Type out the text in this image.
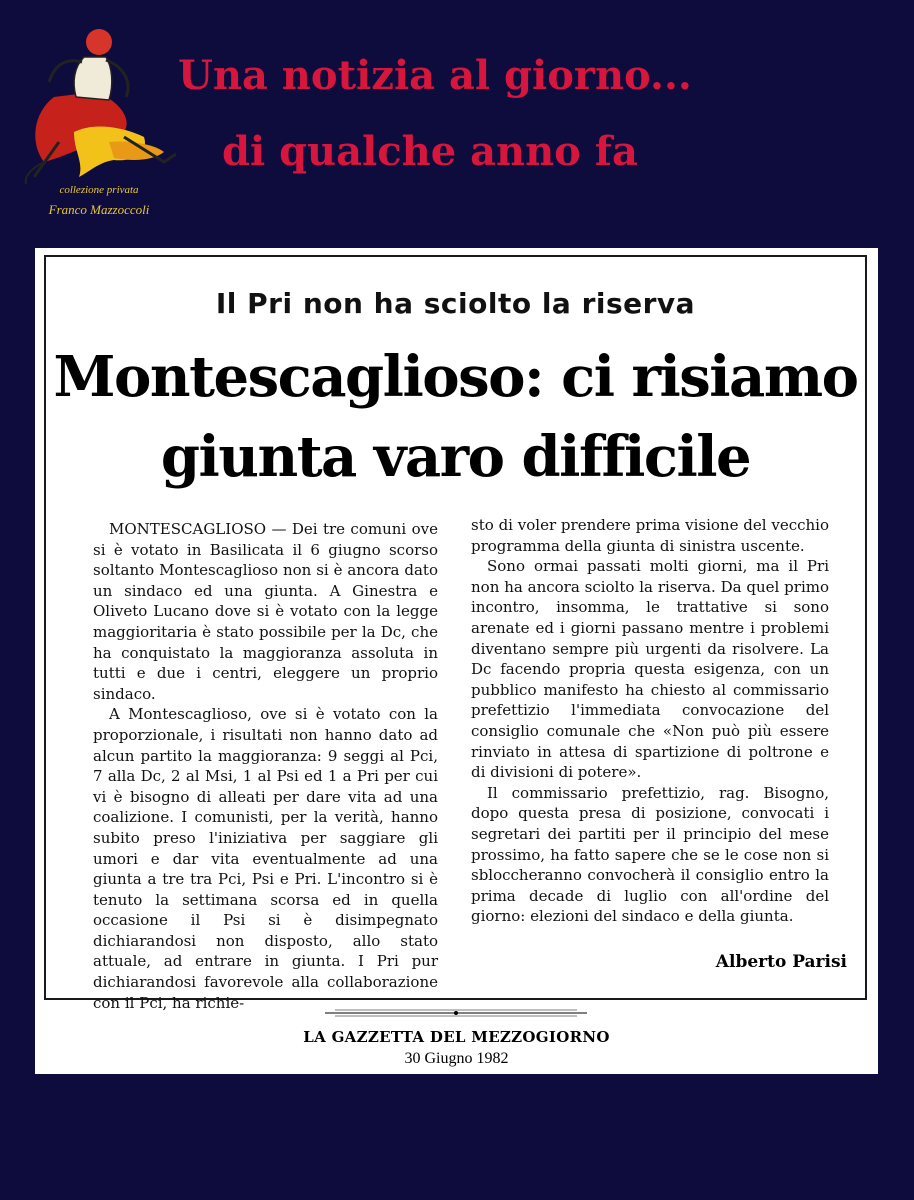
collezione privata
Franco Mazzoccoli
Una notizia al giorno...
di qualche anno fa
Il Pri non ha sciolto la riserva
Montescaglioso: ci risiamo
giunta varo difficile

MONTESCAGLIOSO — Dei tre comuni ove si è votato in Basilicata il 6 giugno scorso soltanto Montescaglioso non si è ancora dato un sindaco ed una giunta. A Ginestra e Oliveto Lucano dove si è votato con la legge maggioritaria è stato possibile per la Dc, che ha conquistato la maggioranza assoluta in tutti e due i centri, eleggere un proprio sindaco.

A Montescaglioso, ove si è votato con la proporzionale, i risultati non hanno dato ad alcun partito la maggioranza: 9 seggi al Pci, 7 alla Dc, 2 al Msi, 1 al Psi ed 1 a Pri per cui vi è bisogno di alleati per dare vita ad una coalizione. I comunisti, per la verità, hanno subito preso l'iniziativa per saggiare gli umori e dar vita eventualmente ad una giunta a tre tra Pci, Psi e Pri. L'incontro si è tenuto la settimana scorsa ed in quella occasione il Psi si è disimpegnato dichiarandosi non disposto, allo stato attuale, ad entrare in giunta. I Pri pur dichiarandosi favorevole alla collaborazione con il Pci, ha richie-

sto di voler prendere prima visione del vecchio programma della giunta di sinistra uscente.

Sono ormai passati molti giorni, ma il Pri non ha ancora sciolto la riserva. Da quel primo incontro, insomma, le trattative si sono arenate ed i giorni passano mentre i problemi diventano sempre più urgenti da risolvere. La Dc facendo propria questa esigenza, con un pubblico manifesto ha chiesto al commissario prefettizio l'immediata convocazione del consiglio comunale che «Non può più essere rinviato in attesa di spartizione di poltrone e di divisioni di potere».

Il commissario prefettizio, rag. Bisogno, dopo questa presa di posizione, convocati i segretari dei partiti per il principio del mese prossimo, ha fatto sapere che se le cose non si sbloccheranno convocherà il consiglio entro la prima decade di luglio con all'ordine del giorno: elezioni del sindaco e della giunta.

Alberto Parisi
LA GAZZETTA DEL MEZZOGIORNO
30 Giugno 1982
